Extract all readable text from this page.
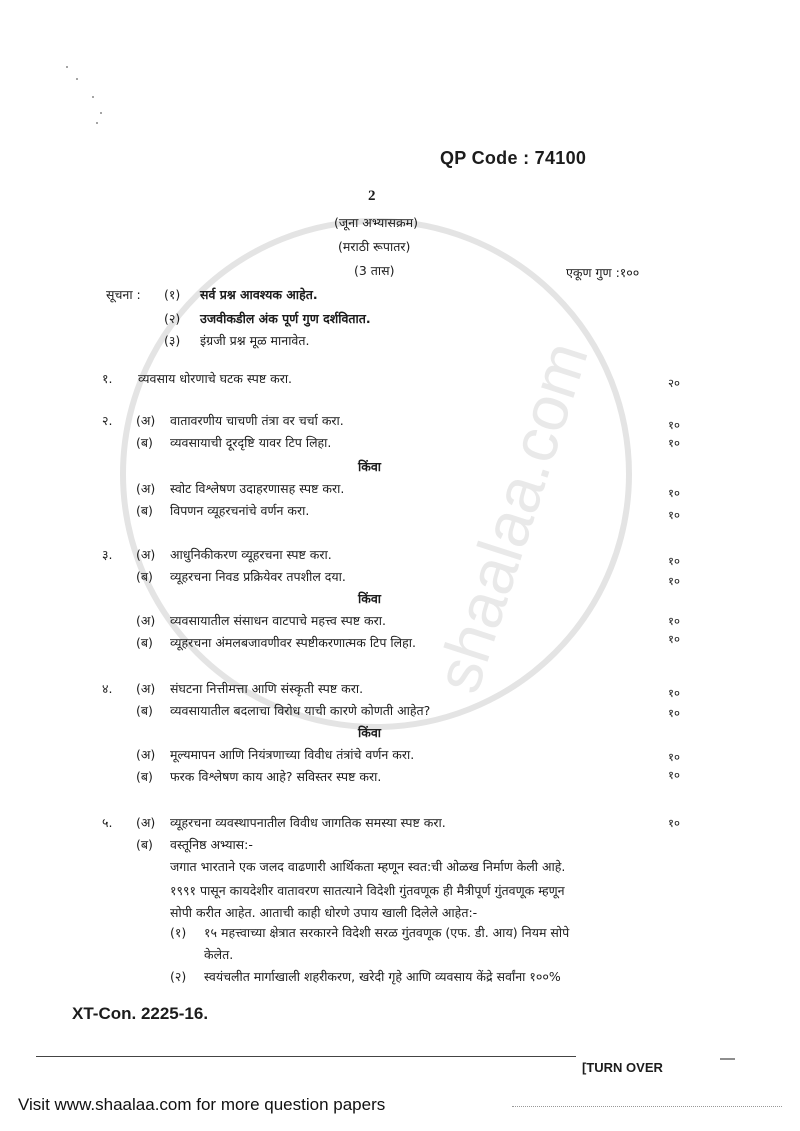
shaalaa.com
QP Code : 74100
2
(जूना अभ्यासक्रम)
(मराठी रूपातर)
(3 तास)	एकूण गुण :१००
सूचना : (१) सर्व प्रश्न आवश्यक आहेत.
(२) उजवीकडील अंक पूर्ण गुण दर्शवितात.
(३) इंग्रजी प्रश्न मूळ मानावेत.
१. व्यवसाय धोरणाचे घटक स्पष्ट करा.	२०
२. (अ) वातावरणीय चाचणी तंत्रा वर चर्चा करा.	१०
(ब) व्यवसायाची दूरदृष्टि यावर टिप लिहा.	१०
किंवा
(अ) स्वोट विश्लेषण उदाहरणासह स्पष्ट करा.	१०
(ब) विपणन व्यूहरचनांचे वर्णन करा.	१०
३. (अ) आधुनिकीकरण व्यूहरचना स्पष्ट करा.	१०
(ब) व्यूहरचना निवड प्रक्रियेवर तपशील दया.	१०
किंवा
(अ) व्यवसायातील संसाधन वाटपाचे महत्त्व स्पष्ट करा.	१०
(ब) व्यूहरचना अंमलबजावणीवर स्पष्टीकरणात्मक टिप लिहा.	१०
४. (अ) संघटना नित्तीमत्ता आणि संस्कृती स्पष्ट करा.	१०
(ब) व्यवसायातील बदलाचा विरोध याची कारणे कोणती आहेत?	१०
किंवा
(अ) मूल्यमापन आणि नियंत्रणाच्या विवीध तंत्रांचे वर्णन करा.	१०
(ब) फरक विश्लेषण काय आहे? सविस्तर स्पष्ट करा.	१०
५. (अ) व्यूहरचना व्यवस्थापनातील विवीध जागतिक समस्या स्पष्ट करा.	१०
(ब) वस्तूनिष्ठ अभ्यास:-
जगात भारताने एक जलद वाढणारी आर्थिकता म्हणून स्वत:ची ओळख निर्माण केली आहे.
१९९१ पासून कायदेशीर वातावरण सातत्याने विदेशी गुंतवणूक ही मैत्रीपूर्ण गुंतवणूक म्हणून
सोपी करीत आहेत. आताची काही धोरणे उपाय खाली दिलेले आहेत:-
(१) १५ महत्त्वाच्या क्षेत्रात सरकारने विदेशी सरळ गुंतवणूक (एफ. डी. आय) नियम सोपे
केलेत.
(२) स्वयंचलीत मार्गाखाली शहरीकरण, खरेदी गृहे आणि व्यवसाय केंद्रे सर्वांना १००%
XT-Con. 2225-16.
[TURN OVER
—
Visit www.shaalaa.com for more question papers
